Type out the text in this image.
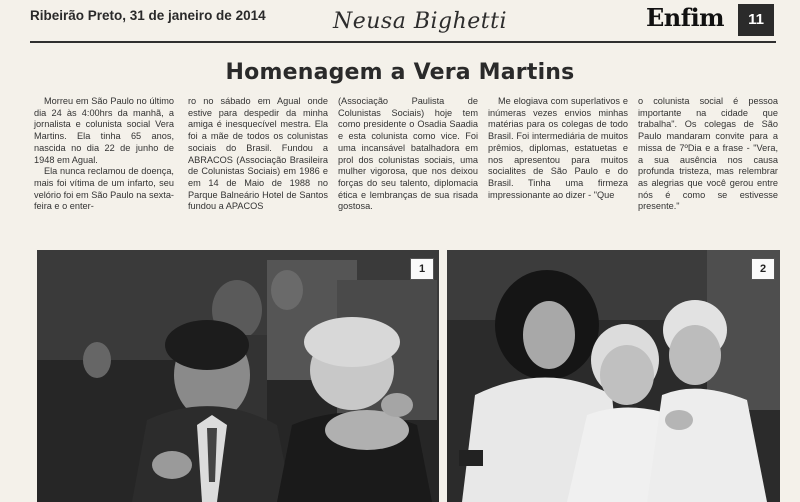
Ribeirão Preto, 31 de janeiro de 2014	Neusa Bighetti	Enfim	11
Homenagem a Vera Martins

Morreu em São Paulo no último dia 24 às 4:00hrs da manhã, a jornalista e colunista social Vera Martins. Ela tinha 65 anos, nascida no dia 22 de junho de 1948 em Agual.

Ela nunca reclamou de doença, mais foi vítima de um infarto, seu velório foi em São Paulo na sexta-feira e o enter-

ro no sábado em Agual onde estive para despedir da minha amiga é inesquecível mestra. Ela foi a mãe de todos os colunistas sociais do Brasil. Fundou a ABRACOS (Associação Brasileira de Colunistas Sociais) em 1986 e em 14 de Maio de 1988 no Parque Balneário Hotel de Santos fundou a APACOS

(Associação Paulista de Colunistas Sociais) hoje tem como presidente o Osadia Saadia e esta colunista como vice. Foi uma incansável batalhadora em prol dos colunistas sociais, uma mulher vigorosa, que nos deixou forças do seu talento, diplomacia ética e lembranças de sua risada gostosa.

Me elogiava com superlativos e inúmeras vezes envios minhas matérias para os colegas de todo Brasil. Foi intermediária de muitos prêmios, diplomas, estatuetas e nos apresentou para muitos socialites de São Paulo e do Brasil. Tinha uma firmeza impressionante ao dizer - "Que

o colunista social é pessoa importante na cidade que trabalha". Os colegas de São Paulo mandaram convite para a missa de 7ºDia e a frase - "Vera, a sua ausência nos causa profunda tristeza, mas relembrar as alegrias que você gerou entre nós é como se estivesse presente."

1	2
